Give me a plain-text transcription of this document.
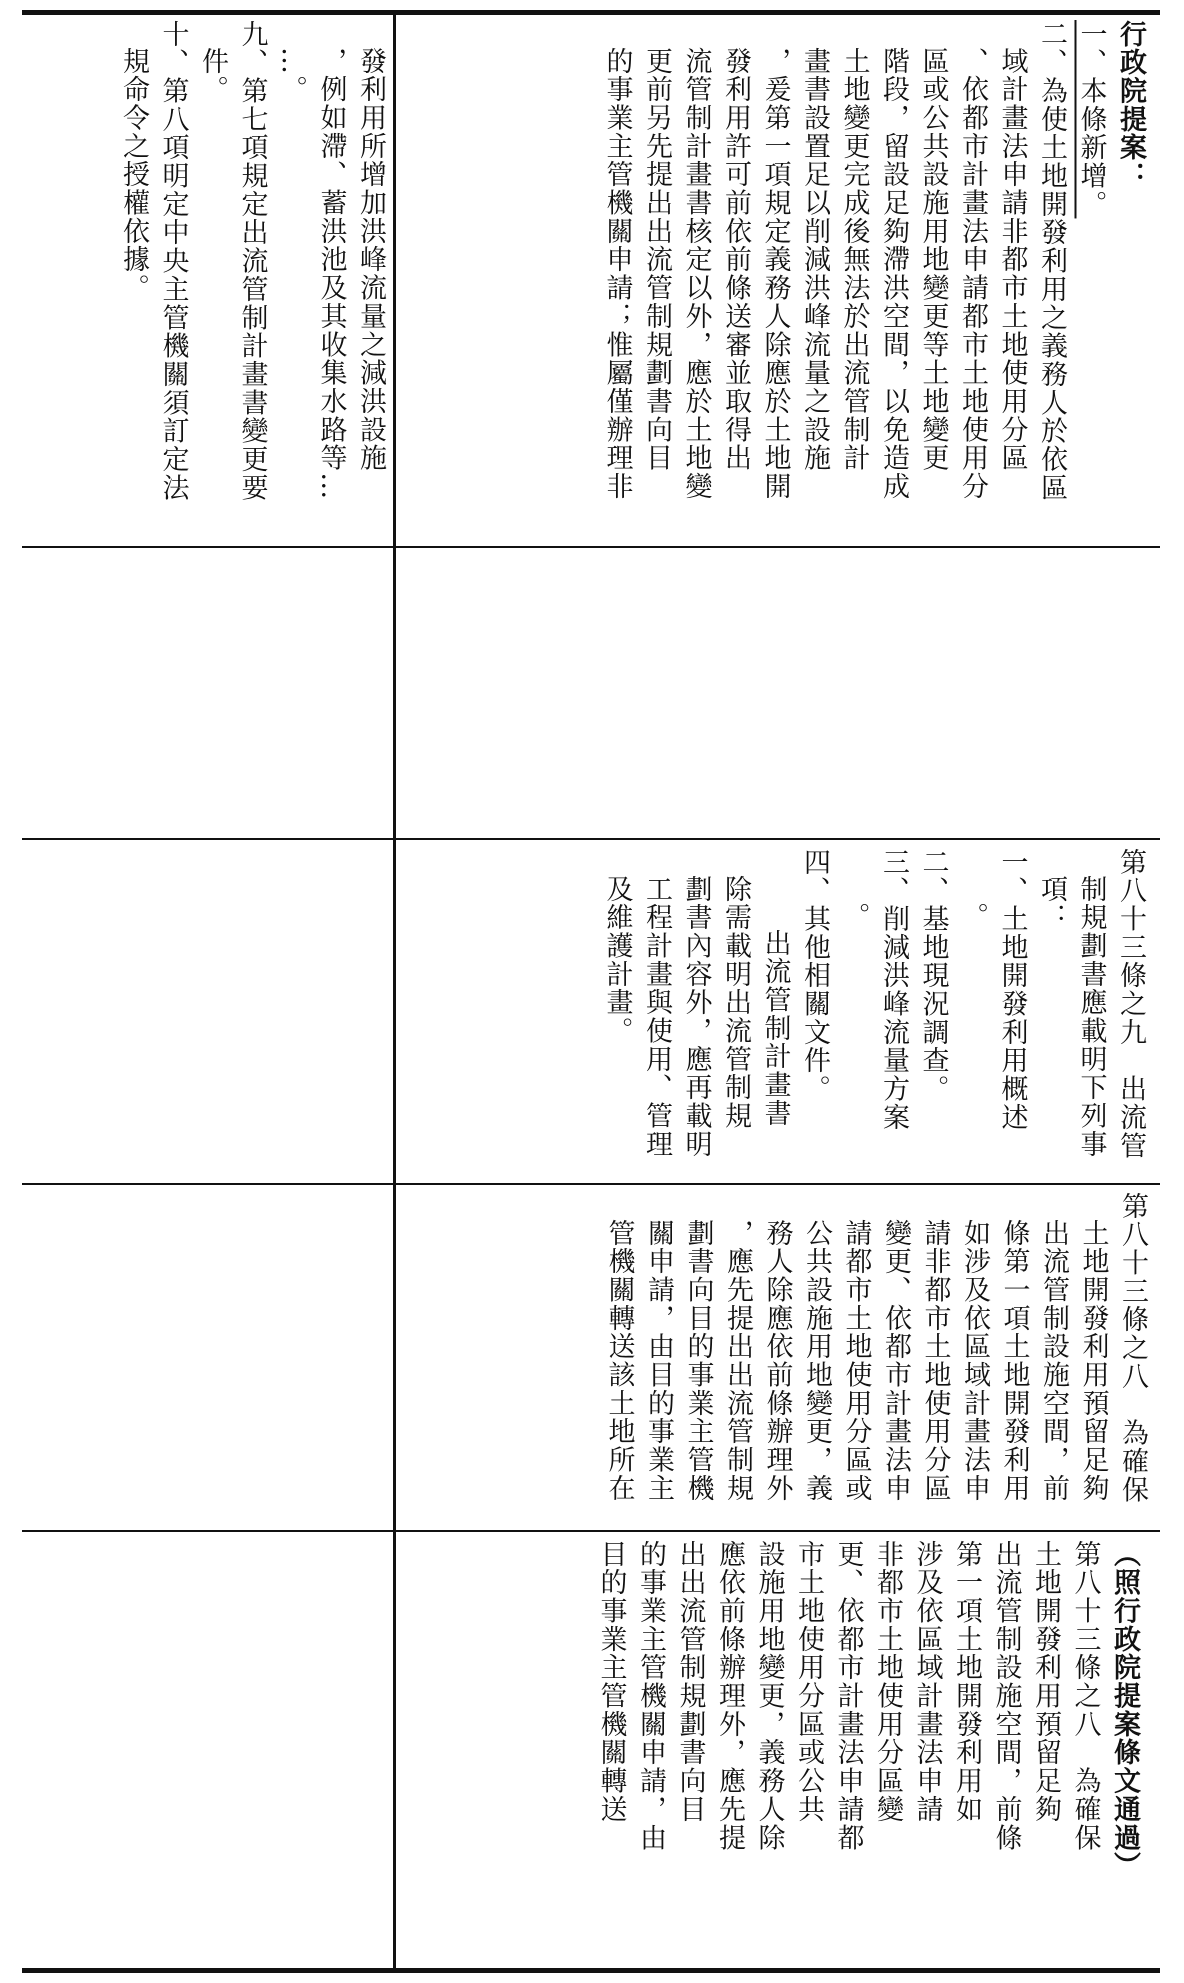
（照行政院提案條文通過）
第八十三條之八　為確保
土地開發利用預留足夠
出流管制設施空間，前條
第一項土地開發利用如
涉及依區域計畫法申請
非都市土地使用分區變
更、依都市計畫法申請都
市土地使用分區或公共
設施用地變更，義務人除
應依前條辦理外，應先提
出出流管制規劃書向目
的事業主管機關申請，由
目的事業主管機關轉送
第八十三條之八　為確保
土地開發利用預留足夠
出流管制設施空間，前
條第一項土地開發利用
如涉及依區域計畫法申
請非都市土地使用分區
變更、依都市計畫法申
請都市土地使用分區或
公共設施用地變更，義
務人除應依前條辦理外
，應先提出出流管制規
劃書向目的事業主管機
關申請，由目的事業主
管機關轉送該土地所在
第八十三條之九　出流管
制規劃書應載明下列事
項：
一、土地開發利用概述
。
二、基地現況調查。
三、削減洪峰流量方案
。
四、其他相關文件。
出流管制計畫書
除需載明出流管制規
劃書內容外，應再載明
工程計畫與使用、管理
及維護計畫。
發利用所增加洪峰流量之減洪設施
，例如滯、蓄洪池及其收集水路等…
…。
九、第七項規定出流管制計畫書變更要
件。
十、第八項明定中央主管機關須訂定法
規命令之授權依據。	行政院提案：
一、本條新增。
二、為使土地開發利用之義務人於依區
域計畫法申請非都市土地使用分區
、依都市計畫法申請都市土地使用分
區或公共設施用地變更等土地變更
階段，留設足夠滯洪空間，以免造成
土地變更完成後無法於出流管制計
畫書設置足以削減洪峰流量之設施
，爰第一項規定義務人除應於土地開
發利用許可前依前條送審並取得出
流管制計畫書核定以外，應於土地變
更前另先提出出流管制規劃書向目
的事業主管機關申請；惟屬僅辦理非
